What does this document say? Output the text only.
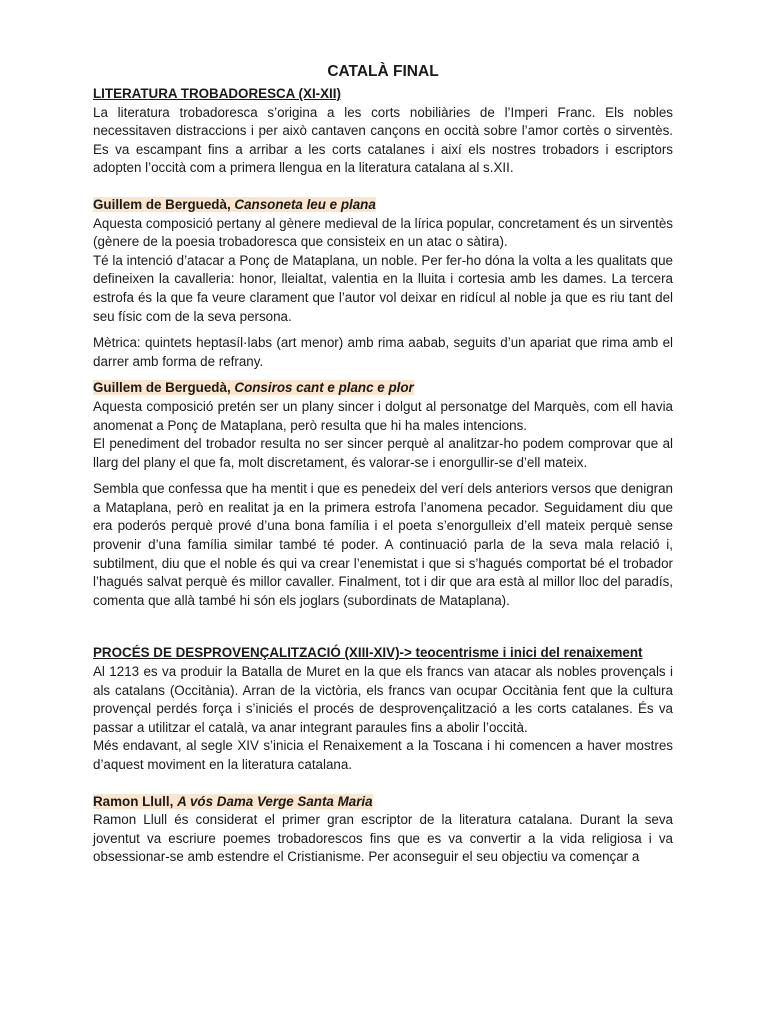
CATALÀ FINAL
LITERATURA TROBADORESCA (XI-XII)

La literatura trobadoresca s’origina a les corts nobiliàries de l’Imperi Franc. Els nobles necessitaven distraccions i per això cantaven cançons en occità sobre l’amor cortès o sirventès. Es va escampant fins a arribar a les corts catalanes i així els nostres trobadors i escriptors adopten l’occità com a primera llengua en la literatura catalana al s.XII.

Guillem de Berguedà, Cansoneta leu e plana

Aquesta composició pertany al gènere medieval de la lírica popular, concretament és un sirventès (gènere de la poesia trobadoresca que consisteix en un atac o sàtira).

Té la intenció d’atacar a Ponç de Mataplana, un noble. Per fer-ho dóna la volta a les qualitats que defineixen la cavalleria: honor, lleialtat, valentia en la lluita i cortesia amb les dames. La tercera estrofa és la que fa veure clarament que l’autor vol deixar en ridícul al noble ja que es riu tant del seu físic com de la seva persona.

Mètrica: quintets heptasíl·labs (art menor) amb rima aabab, seguits d’un apariat que rima amb el darrer amb forma de refrany.

Guillem de Berguedà, Consiros cant e planc e plor

Aquesta composició pretén ser un plany sincer i dolgut al personatge del Marquès, com ell havia anomenat a Ponç de Mataplana, però resulta que hi ha males intencions.

El penediment del trobador resulta no ser sincer perquè al analitzar-ho podem comprovar que al llarg del plany el que fa, molt discretament, és valorar-se i enorgullir-se d’ell mateix.

Sembla que confessa que ha mentit i que es penedeix del verí dels anteriors versos que denigran a Mataplana, però en realitat ja en la primera estrofa l’anomena pecador. Seguidament diu que era poderós perquè prové d’una bona família i el poeta s’enorgulleix d’ell mateix perquè sense provenir d’una família similar també té poder. A continuació parla de la seva mala relació i, subtilment, diu que el noble és qui va crear l’enemistat i que si s’hagués comportat bé el trobador l’hagués salvat perquè és millor cavaller. Finalment, tot i dir que ara està al millor lloc del paradís, comenta que allà també hi són els joglars (subordinats de Mataplana).

PROCÉS DE DESPROVENÇALITZACIÓ (XIII-XIV)-> teocentrisme i inici del renaixement

Al 1213 es va produir la Batalla de Muret en la que els francs van atacar als nobles provençals i als catalans (Occitània). Arran de la victòria, els francs van ocupar Occitània fent que la cultura provençal perdés força i s’iniciés el procés de desprovençalització a les corts catalanes. És va passar a utilitzar el català, va anar integrant paraules fins a abolir l’occità.

Més endavant, al segle XIV s’inicia el Renaixement a la Toscana i hi comencen a haver mostres d’aquest moviment en la literatura catalana.

Ramon Llull, A vós Dama Verge Santa Maria

Ramon Llull és considerat el primer gran escriptor de la literatura catalana. Durant la seva joventut va escriure poemes trobadorescos fins que es va convertir a la vida religiosa i va obsessionar-se amb estendre el Cristianisme. Per aconseguir el seu objectiu va començar a
